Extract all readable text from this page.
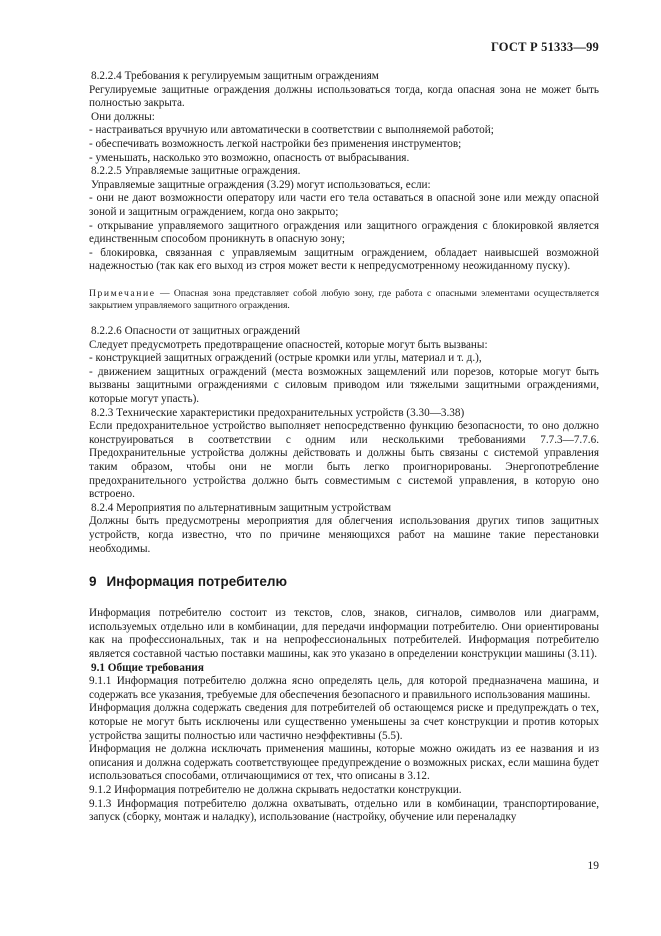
ГОСТ Р 51333—99

8.2.2.4 Требования к регулируемым защитным ограждениям

Регулируемые защитные ограждения должны использоваться тогда, когда опасная зона не может быть полностью закрыта.

Они должны:

- настраиваться вручную или автоматически в соответствии с выполняемой работой;

- обеспечивать возможность легкой настройки без применения инструментов;

- уменьшать, насколько это возможно, опасность от выбрасывания.

8.2.2.5 Управляемые защитные ограждения.

Управляемые защитные ограждения (3.29) могут использоваться, если:

- они не дают возможности оператору или части его тела оставаться в опасной зоне или между опасной зоной и защитным ограждением, когда оно закрыто;

- открывание управляемого защитного ограждения или защитного ограждения с блокировкой является единственным способом проникнуть в опасную зону;

- блокировка, связанная с управляемым защитным ограждением, обладает наивысшей возможной надежностью (так как его выход из строя может вести к непредусмотренному неожиданному пуску).

Примечание — Опасная зона представляет собой любую зону, где работа с опасными элементами осуществляется закрытием управляемого защитного ограждения.

8.2.2.6 Опасности от защитных ограждений

Следует предусмотреть предотвращение опасностей, которые могут быть вызваны:

- конструкцией защитных ограждений (острые кромки или углы, материал и т. д.),

- движением защитных ограждений (места возможных защемлений или порезов, которые могут быть вызваны защитными ограждениями с силовым приводом или тяжелыми защитными ограждениями, которые могут упасть).

8.2.3 Технические характеристики предохранительных устройств (3.30—3.38)

Если предохранительное устройство выполняет непосредственно функцию безопасности, то оно должно конструироваться в соответствии с одним или несколькими требованиями 7.7.3—7.7.6. Предохранительные устройства должны действовать и должны быть связаны с системой управления таким образом, чтобы они не могли быть легко проигнорированы. Энергопотребление предохранительного устройства должно быть совместимым с системой управления, в которую оно встроено.

8.2.4 Мероприятия по альтернативным защитным устройствам

Должны быть предусмотрены мероприятия для облегчения использования других типов защитных устройств, когда известно, что по причине меняющихся работ на машине такие перестановки необходимы.

9 Информация потребителю

Информация потребителю состоит из текстов, слов, знаков, сигналов, символов или диаграмм, используемых отдельно или в комбинации, для передачи информации потребителю. Они ориентированы как на профессиональных, так и на непрофессиональных потребителей. Информация потребителю является составной частью поставки машины, как это указано в определении конструкции машины (3.11).

9.1 Общие требования

9.1.1 Информация потребителю должна ясно определять цель, для которой предназначена машина, и содержать все указания, требуемые для обеспечения безопасного и правильного использования машины.

Информация должна содержать сведения для потребителей об остающемся риске и предупреждать о тех, которые не могут быть исключены или существенно уменьшены за счет конструкции и против которых устройства защиты полностью или частично неэффективны (5.5).

Информация не должна исключать применения машины, которые можно ожидать из ее названия и из описания и должна содержать соответствующее предупреждение о возможных рисках, если машина будет использоваться способами, отличающимися от тех, что описаны в 3.12.

9.1.2 Информация потребителю не должна скрывать недостатки конструкции.

9.1.3 Информация потребителю должна охватывать, отдельно или в комбинации, транспортирование, запуск (сборку, монтаж и наладку), использование (настройку, обучение или переналадку

19
